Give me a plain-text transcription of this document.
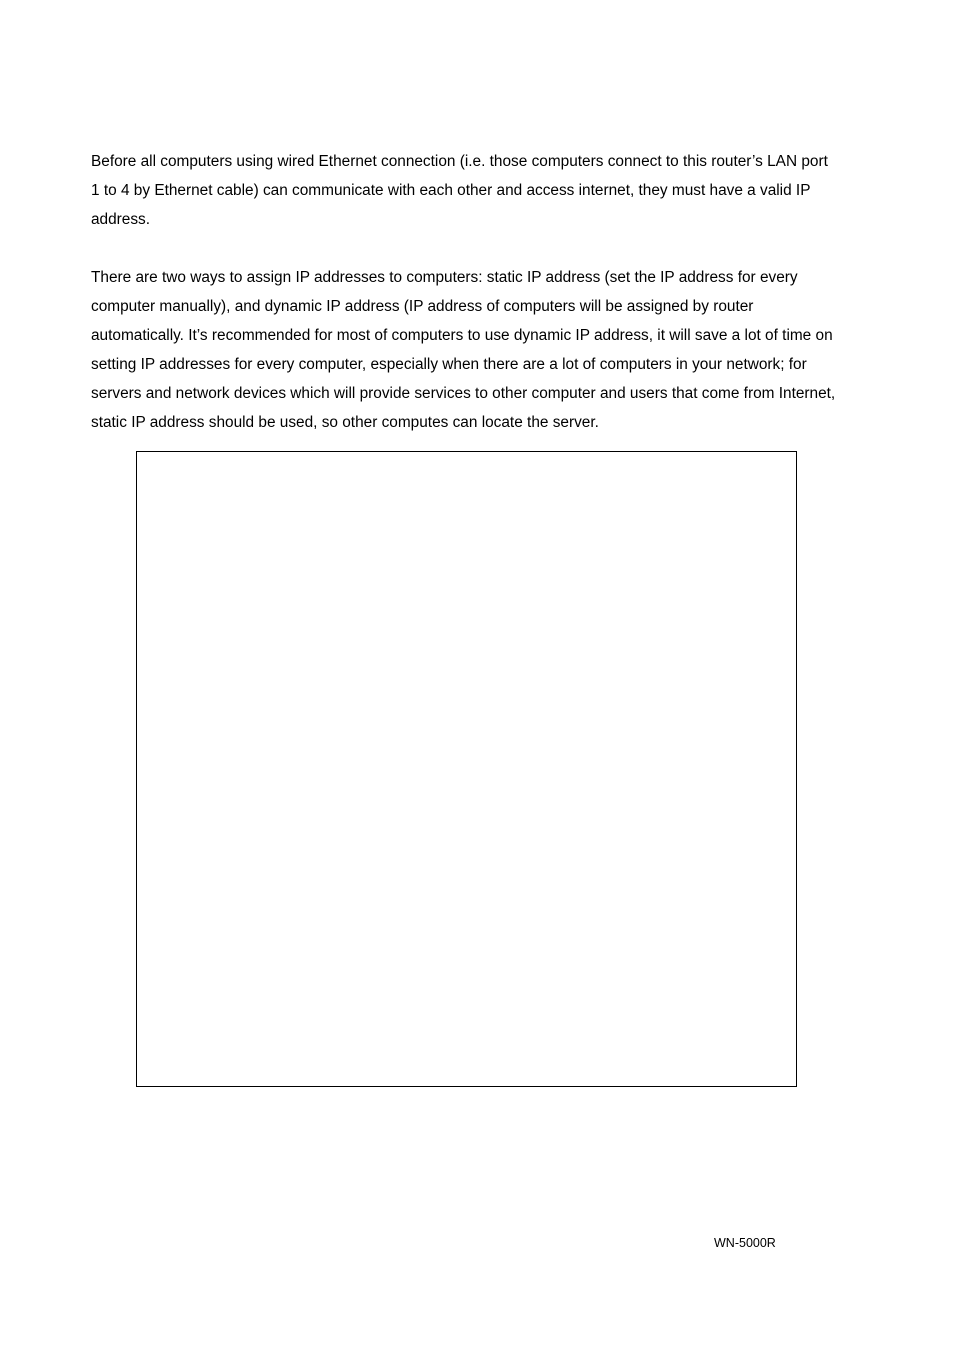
Before all computers using wired Ethernet connection (i.e. those computers connect to this router’s LAN port
1 to 4 by Ethernet cable) can communicate with each other and access internet, they must have a valid IP
address.

There are two ways to assign IP addresses to computers: static IP address (set the IP address for every
computer manually), and dynamic IP address (IP address of computers will be assigned by router
automatically. It’s recommended for most of computers to use dynamic IP address, it will save a lot of time on
setting IP addresses for every computer, especially when there are a lot of computers in your network; for
servers and network devices which will provide services to other computer and users that come from Internet,
static IP address should be used, so other computes can locate the server.

WN-5000R
